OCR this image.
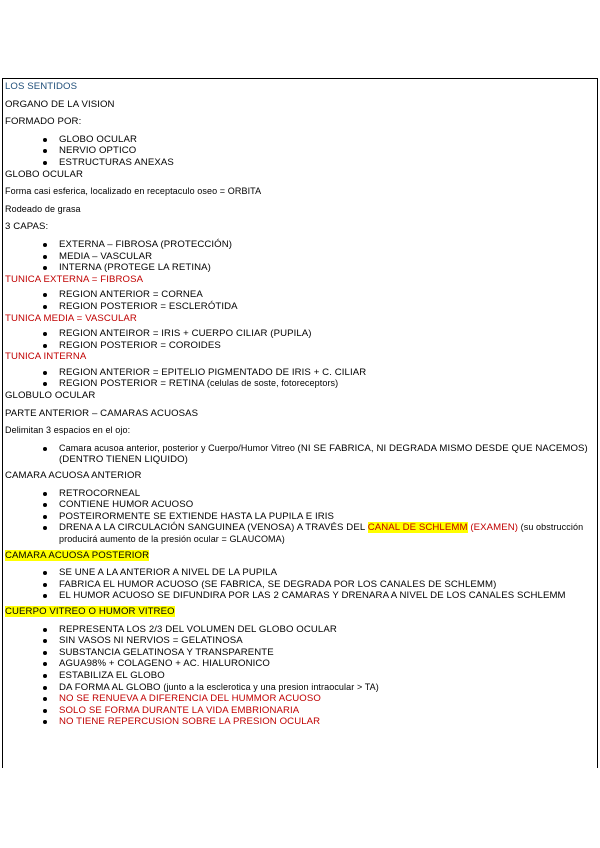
LOS SENTIDOS

ORGANO DE LA VISION

FORMADO POR:

GLOBO OCULAR
NERVIO OPTICO
ESTRUCTURAS ANEXAS

GLOBO OCULAR

Forma casi esferica, localizado en receptaculo oseo = ORBITA

Rodeado de grasa

3 CAPAS:

EXTERNA – FIBROSA (PROTECCIÓN)
MEDIA – VASCULAR
INTERNA (PROTEGE LA RETINA)

TUNICA EXTERNA = FIBROSA

REGION ANTERIOR = CORNEA
REGION POSTERIOR = ESCLERÓTIDA

TUNICA MEDIA = VASCULAR

REGION ANTEIROR = IRIS + CUERPO CILIAR (PUPILA)
REGION POSTERIOR = COROIDES

TUNICA INTERNA

REGION ANTERIOR = EPITELIO PIGMENTADO DE IRIS + C. CILIAR
REGION POSTERIOR = RETINA (celulas de soste, fotoreceptors)

GLOBULO OCULAR

PARTE ANTERIOR – CAMARAS ACUOSAS

Delimitan 3 espacios en el ojo:

Camara acusoa anterior, posterior y Cuerpo/Humor Vitreo (NI SE FABRICA, NI DEGRADA MISMO DESDE QUE NACEMOS) (DENTRO TIENEN LIQUIDO)

CAMARA ACUOSA ANTERIOR

RETROCORNEAL
CONTIENE HUMOR ACUOSO
POSTEIRORMENTE SE EXTIENDE HASTA LA PUPILA E IRIS
DRENA A LA CIRCULACIÓN SANGUINEA (VENOSA) A TRAVÉS DEL CANAL DE SCHLEMM (EXAMEN) (su obstrucción producirá aumento de la presión ocular = GLAUCOMA)

CAMARA ACUOSA POSTERIOR

SE UNE A LA ANTERIOR A NIVEL DE LA PUPILA
FABRICA EL HUMOR ACUOSO (SE FABRICA, SE DEGRADA POR LOS CANALES DE SCHLEMM)
EL HUMOR ACUOSO SE DIFUNDIRA POR LAS 2 CAMARAS Y DRENARA A NIVEL DE LOS CANALES SCHLEMM

CUERPO VITREO O HUMOR VITREO

REPRESENTA LOS 2/3 DEL VOLUMEN DEL GLOBO OCULAR
SIN VASOS NI NERVIOS = GELATINOSA
SUBSTANCIA GELATINOSA Y TRANSPARENTE
AGUA98% + COLAGENO + AC. HIALURONICO
ESTABILIZA EL GLOBO
DA FORMA AL GLOBO (junto a la esclerotica y una presion intraocular > TA)
NO SE RENUEVA A DIFERENCIA DEL HUMMOR ACUOSO
SOLO SE FORMA DURANTE LA VIDA EMBRIONARIA
NO TIENE REPERCUSION SOBRE LA PRESION OCULAR
